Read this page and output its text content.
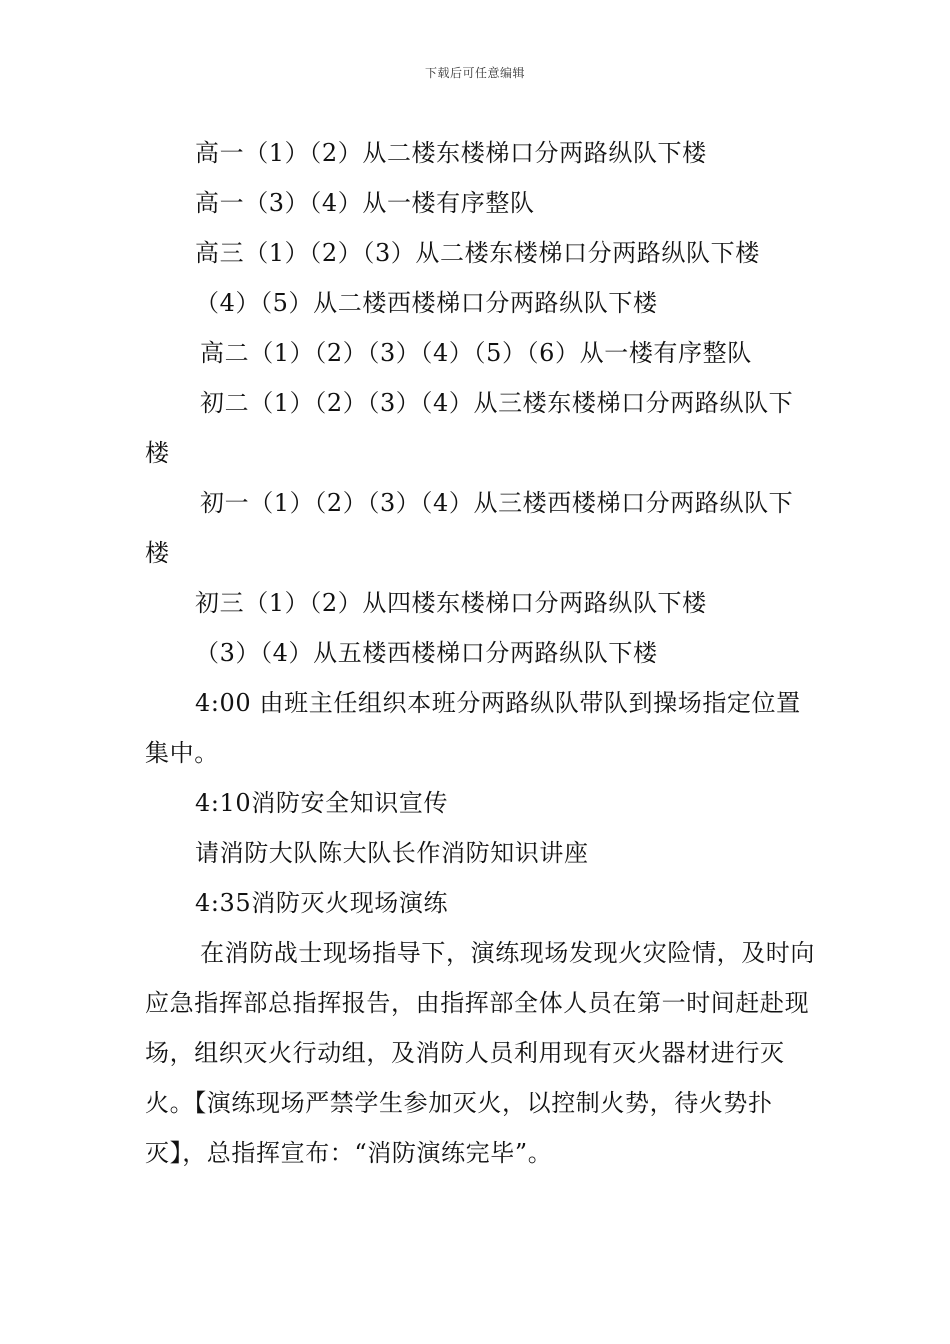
下载后可任意编辑

高一（1）（2）从二楼东楼梯口分两路纵队下楼

高一（3）（4）从一楼有序整队

高三（1）（2）（3）从二楼东楼梯口分两路纵队下楼

（4）（5）从二楼西楼梯口分两路纵队下楼

高二（1）（2）（3）（4）（5）（6）从一楼有序整队

初二（1）（2）（3）（4）从三楼东楼梯口分两路纵队下楼

初一（1）（2）（3）（4）从三楼西楼梯口分两路纵队下楼

初三（1）（2）从四楼东楼梯口分两路纵队下楼

（3）（4）从五楼西楼梯口分两路纵队下楼

4:00 由班主任组织本班分两路纵队带队到操场指定位置集中。

4:10消防安全知识宣传

请消防大队陈大队长作消防知识讲座

4:35消防灭火现场演练

在消防战士现场指导下，演练现场发现火灾险情，及时向应急指挥部总指挥报告，由指挥部全体人员在第一时间赶赴现场，组织灭火行动组，及消防人员利用现有灭火器材进行灭火。【演练现场严禁学生参加灭火，以控制火势，待火势扑灭】，总指挥宣布：“消防演练完毕”。
